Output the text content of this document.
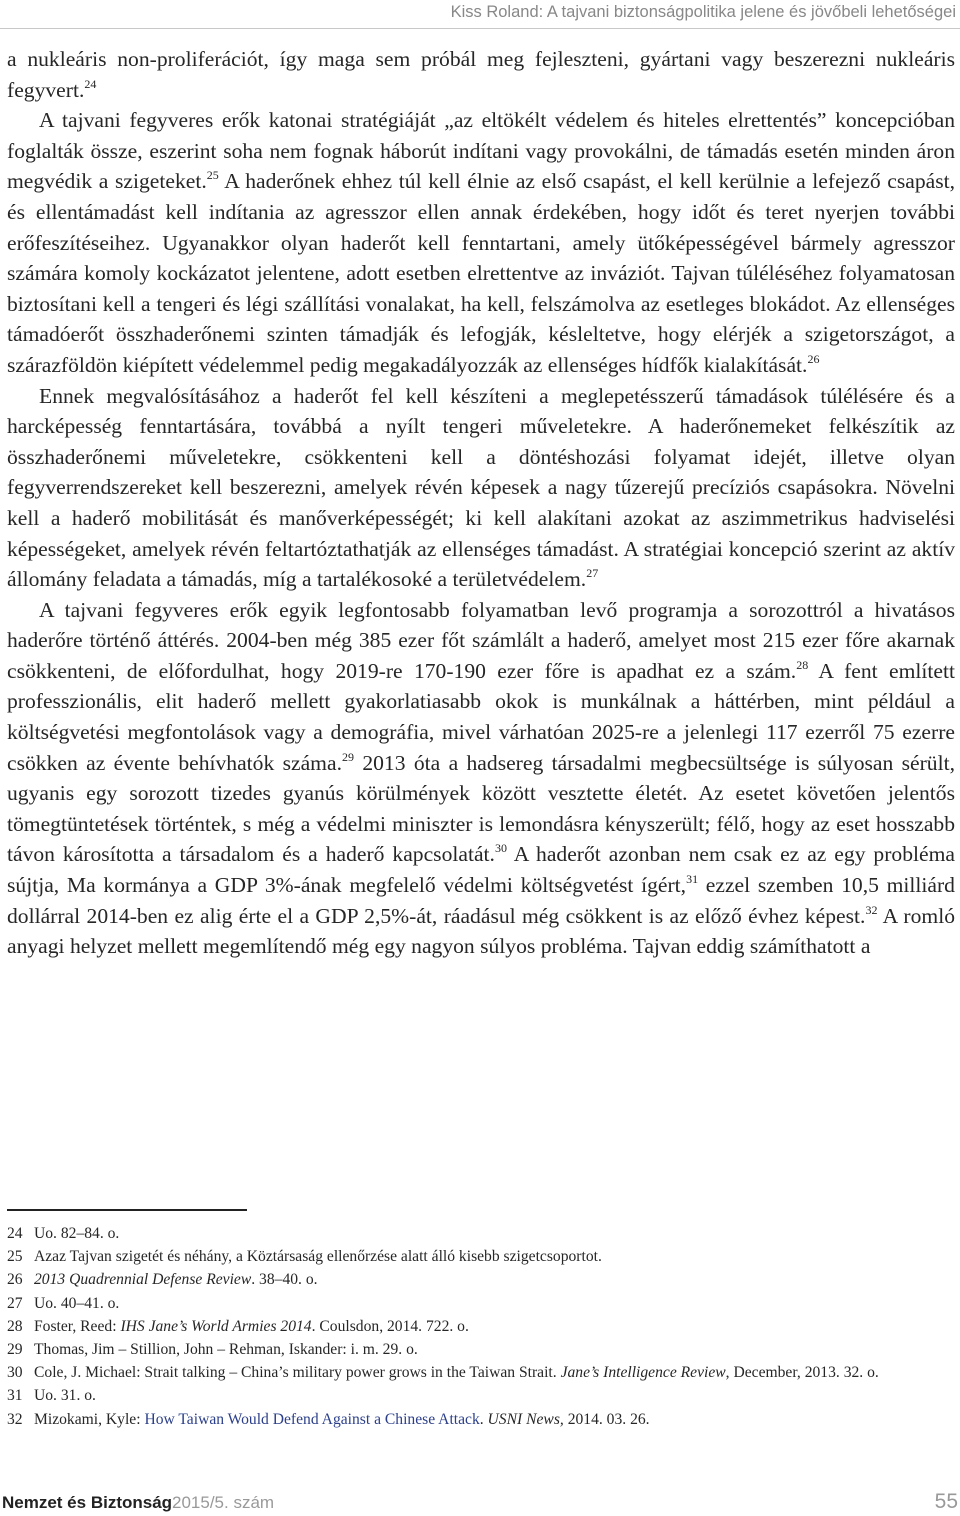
Kiss Roland: A tajvani biztonságpolitika jelene és jövőbeli lehetőségei

a nukleáris non-proliferációt, így maga sem próbál meg fejleszteni, gyártani vagy beszerezni nukleáris fegyvert.$^{24}$

A tajvani fegyveres erők katonai stratégiáját „az eltökélt védelem és hiteles elrettentés” koncepcióban foglalták össze, eszerint soha nem fognak háborút indítani vagy provokálni, de támadás esetén minden áron megvédik a szigeteket.$^{25}$ A haderőnek ehhez túl kell élnie az első csapást, el kell kerülnie a lefejező csapást, és ellentámadást kell indítania az agresszor ellen annak érdekében, hogy időt és teret nyerjen további erőfeszítéseihez. Ugyanakkor olyan haderőt kell fenntartani, amely ütőképességével bármely agresszor számára komoly kockázatot jelentene, adott esetben elrettentve az inváziót. Tajvan túléléséhez folyamatosan biztosítani kell a tengeri és légi szállítási vonalakat, ha kell, felszámolva az esetleges blokádot. Az ellenséges támadóerőt összhaderőnemi szinten támadják és lefogják, késleltetve, hogy elérjék a szigetországot, a szárazföldön kiépített védelemmel pedig megakadályozzák az ellenséges hídfők kialakítását.$^{26}$

Ennek megvalósításához a haderőt fel kell készíteni a meglepetésszerű támadások túlélésére és a harcképesség fenntartására, továbbá a nyílt tengeri műveletekre. A haderőnemeket felkészítik az összhaderőnemi műveletekre, csökkenteni kell a döntéshozási folyamat idejét, illetve olyan fegyverrendszereket kell beszerezni, amelyek révén képesek a nagy tűzerejű precíziós csapásokra. Növelni kell a haderő mobilitását és manőverképességét; ki kell alakítani azokat az aszimmetrikus hadviselési képességeket, amelyek révén feltartóztathatják az ellenséges támadást. A stratégiai koncepció szerint az aktív állomány feladata a támadás, míg a tartalékosoké a területvédelem.$^{27}$

A tajvani fegyveres erők egyik legfontosabb folyamatban levő programja a sorozottról a hivatásos haderőre történő áttérés. 2004-ben még 385 ezer főt számlált a haderő, amelyet most 215 ezer főre akarnak csökkenteni, de előfordulhat, hogy 2019-re 170-190 ezer főre is apadhat ez a szám.$^{28}$ A fent említett professzionális, elit haderő mellett gyakorlatiasabb okok is munkálnak a háttérben, mint például a költségvetési megfontolások vagy a demográfia, mivel várhatóan 2025-re a jelenlegi 117 ezerről 75 ezerre csökken az évente behívhatók száma.$^{29}$ 2013 óta a hadsereg társadalmi megbecsültsége is súlyosan sérült, ugyanis egy sorozott tizedes gyanús körülmények között vesztette életét. Az esetet követően jelentős tömegtüntetések történtek, s még a védelmi miniszter is lemondásra kényszerült; félő, hogy az eset hosszabb távon károsította a társadalom és a haderő kapcsolatát.$^{30}$ A haderőt azonban nem csak ez az egy probléma sújtja, Ma kormánya a GDP 3%-ának megfelelő védelmi költségvetést ígért,$^{31}$ ezzel szemben 10,5 milliárd dollárral 2014-ben ez alig érte el a GDP 2,5%-át, ráadásul még csökkent is az előző évhez képest.$^{32}$ A romló anyagi helyzet mellett megemlítendő még egy nagyon súlyos probléma. Tajvan eddig számíthatott a

24 Uo. 82–84. o.
25 Azaz Tajvan szigetét és néhány, a Köztársaság ellenőrzése alatt álló kisebb szigetcsoportot.
26 2013 Quadrennial Defense Review. 38–40. o.
27 Uo. 40–41. o.
28 Foster, Reed: IHS Jane’s World Armies 2014. Coulsdon, 2014. 722. o.
29 Thomas, Jim – Stillion, John – Rehman, Iskander: i. m. 29. o.
30 Cole, J. Michael: Strait talking – China’s military power grows in the Taiwan Strait. Jane’s Intelligence Review, December, 2013. 32. o.
31 Uo. 31. o.
32 Mizokami, Kyle: How Taiwan Would Defend Against a Chinese Attack. USNI News, 2014. 03. 26.
Nemzet és Biztonság 2015/5. szám	55
